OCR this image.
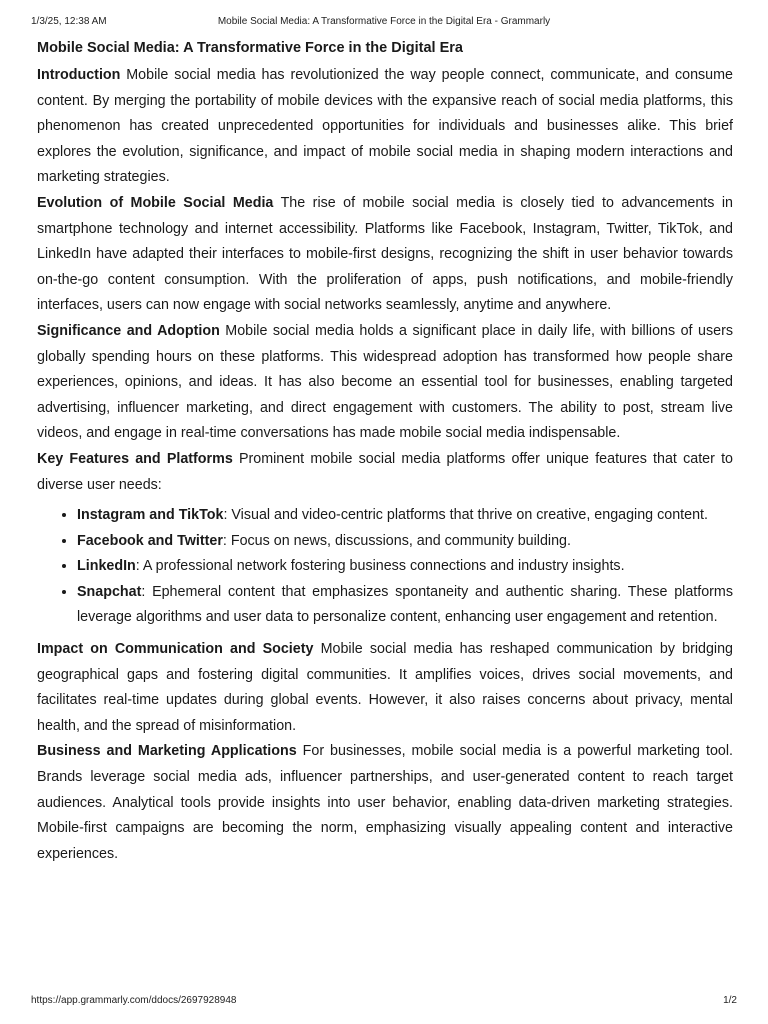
1/3/25, 12:38 AM	Mobile Social Media: A Transformative Force in the Digital Era - Grammarly
Mobile Social Media: A Transformative Force in the Digital Era

Introduction Mobile social media has revolutionized the way people connect, communicate, and consume content. By merging the portability of mobile devices with the expansive reach of social media platforms, this phenomenon has created unprecedented opportunities for individuals and businesses alike. This brief explores the evolution, significance, and impact of mobile social media in shaping modern interactions and marketing strategies.

Evolution of Mobile Social Media The rise of mobile social media is closely tied to advancements in smartphone technology and internet accessibility. Platforms like Facebook, Instagram, Twitter, TikTok, and LinkedIn have adapted their interfaces to mobile-first designs, recognizing the shift in user behavior towards on-the-go content consumption. With the proliferation of apps, push notifications, and mobile-friendly interfaces, users can now engage with social networks seamlessly, anytime and anywhere.

Significance and Adoption Mobile social media holds a significant place in daily life, with billions of users globally spending hours on these platforms. This widespread adoption has transformed how people share experiences, opinions, and ideas. It has also become an essential tool for businesses, enabling targeted advertising, influencer marketing, and direct engagement with customers. The ability to post, stream live videos, and engage in real-time conversations has made mobile social media indispensable.

Key Features and Platforms Prominent mobile social media platforms offer unique features that cater to diverse user needs:

• Instagram and TikTok: Visual and video-centric platforms that thrive on creative, engaging content.
• Facebook and Twitter: Focus on news, discussions, and community building.
• LinkedIn: A professional network fostering business connections and industry insights.
• Snapchat: Ephemeral content that emphasizes spontaneity and authentic sharing. These platforms leverage algorithms and user data to personalize content, enhancing user engagement and retention.

Impact on Communication and Society Mobile social media has reshaped communication by bridging geographical gaps and fostering digital communities. It amplifies voices, drives social movements, and facilitates real-time updates during global events. However, it also raises concerns about privacy, mental health, and the spread of misinformation.

Business and Marketing Applications For businesses, mobile social media is a powerful marketing tool. Brands leverage social media ads, influencer partnerships, and user-generated content to reach target audiences. Analytical tools provide insights into user behavior, enabling data-driven marketing strategies. Mobile-first campaigns are becoming the norm, emphasizing visually appealing content and interactive experiences.

https://app.grammarly.com/ddocs/2697928948	1/2
